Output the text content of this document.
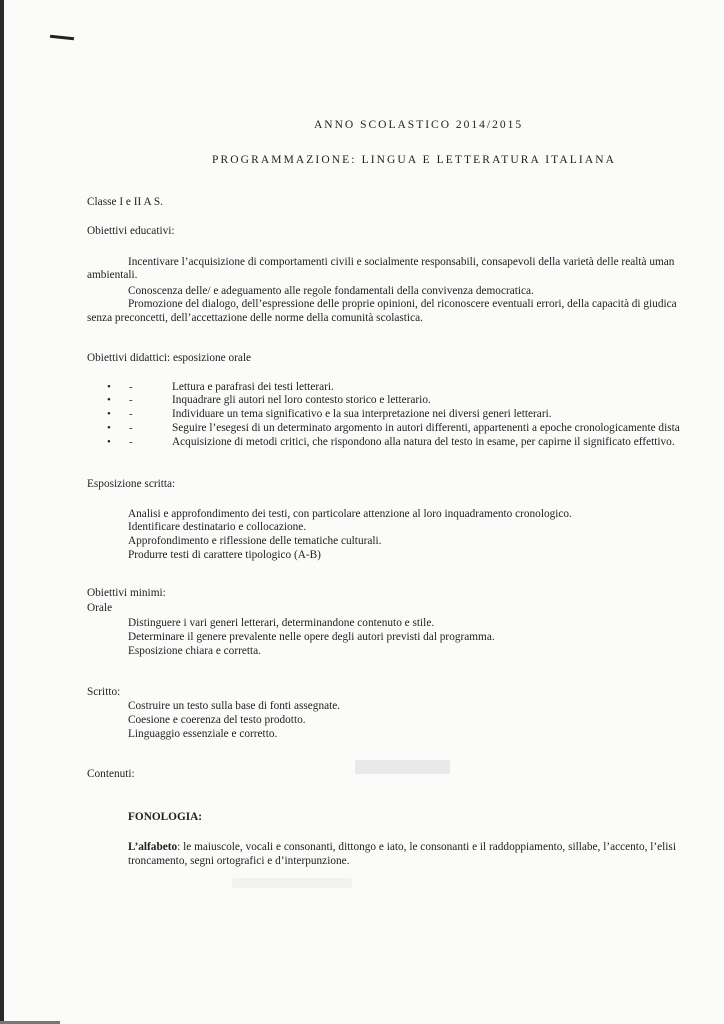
ANNO SCOLASTICO 2014/2015
PROGRAMMAZIONE: LINGUA E LETTERATURA ITALIANA
Classe I e II A S.
Obiettivi educativi:
Incentivare l’acquisizione di comportamenti civili e socialmente responsabili, consapevoli della varietà delle realtà uman
ambientali.
Conoscenza delle/ e adeguamento alle regole fondamentali della convivenza democratica.
Promozione del dialogo, dell’espressione delle proprie opinioni, del riconoscere eventuali errori, della capacità di giudica
senza preconcetti, dell’accettazione delle norme della comunità scolastica.
Obiettivi didattici: esposizione orale
• -	Lettura e parafrasi dei testi letterari.
• -	Inquadrare gli autori nel loro contesto storico e letterario.
• -	Individuare un tema significativo e la sua interpretazione nei diversi generi letterari.
• -	Seguire l’esegesi di un determinato argomento in autori differenti, appartenenti a epoche cronologicamente dista
• -	Acquisizione di metodi critici, che rispondono alla natura del testo in esame, per capirne il significato effettivo.
Esposizione scritta:
Analisi e approfondimento dei testi, con particolare attenzione al loro inquadramento cronologico.
Identificare destinatario e collocazione.
Approfondimento e riflessione delle tematiche culturali.
Produrre testi di carattere tipologico (A-B)
Obiettivi minimi:
Orale
Distinguere i vari generi letterari, determinandone contenuto e stile.
Determinare il genere prevalente nelle opere degli autori previsti dal programma.
Esposizione chiara e corretta.
Scritto:
Costruire un testo sulla base di fonti assegnate.
Coesione e coerenza del testo prodotto.
Linguaggio essenziale e corretto.
Contenuti:
FONOLOGIA:
L’alfabeto: le maiuscole, vocali e consonanti, dittongo e iato, le consonanti e il raddoppiamento, sillabe, l’accento, l’elisi
troncamento, segni ortografici e d’interpunzione.
